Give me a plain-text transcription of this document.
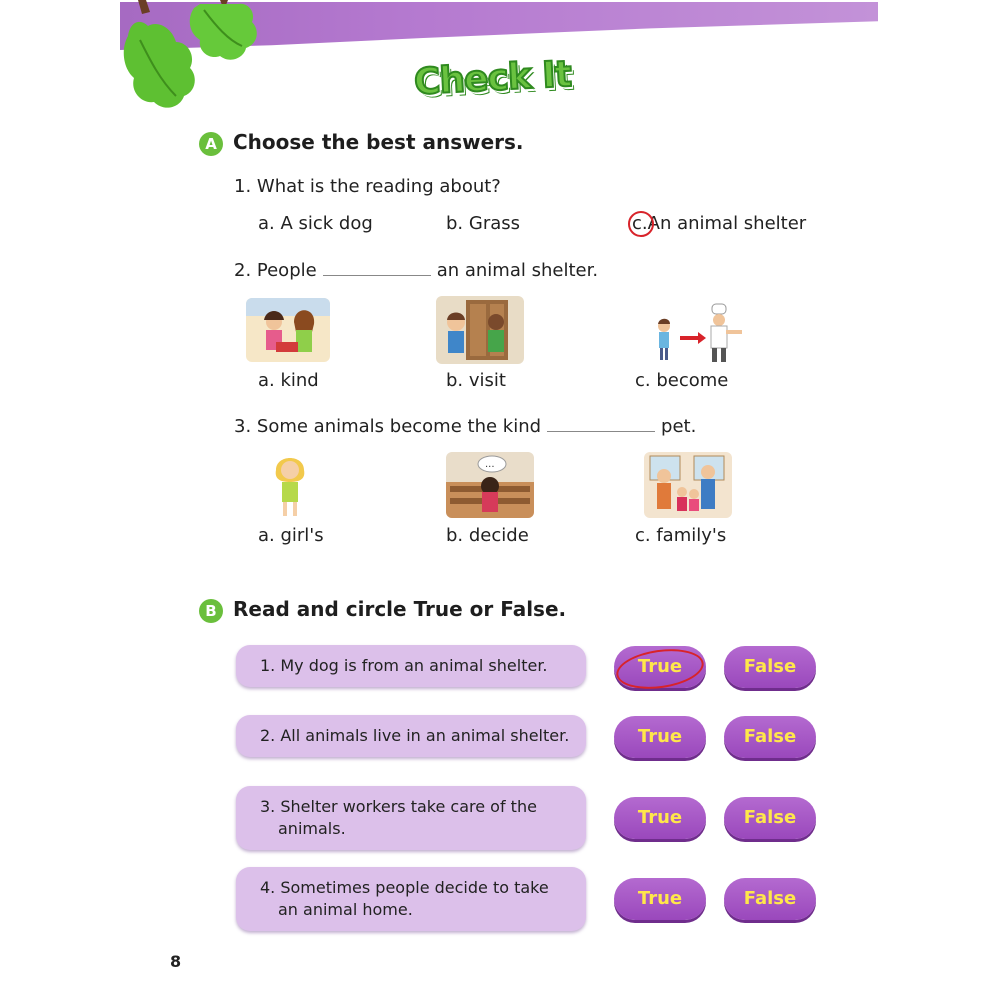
Check It
A Choose the best answers.
1. What is the reading about?
a. A sick dog	b. Grass	c.An animal shelter
2. People	an animal shelter.
a. kind	b. visit	c. become
3. Some animals become the kind	pet.
...
a. girl's	b. decide	c. family's
B Read and circle True or False.
1. My dog is from an animal shelter.	True	False
2. All animals live in an animal shelter.	True	False
3. Shelter workers take care of the
animals.
True	False
4. Sometimes people decide to take
an animal home.
True	False
8
